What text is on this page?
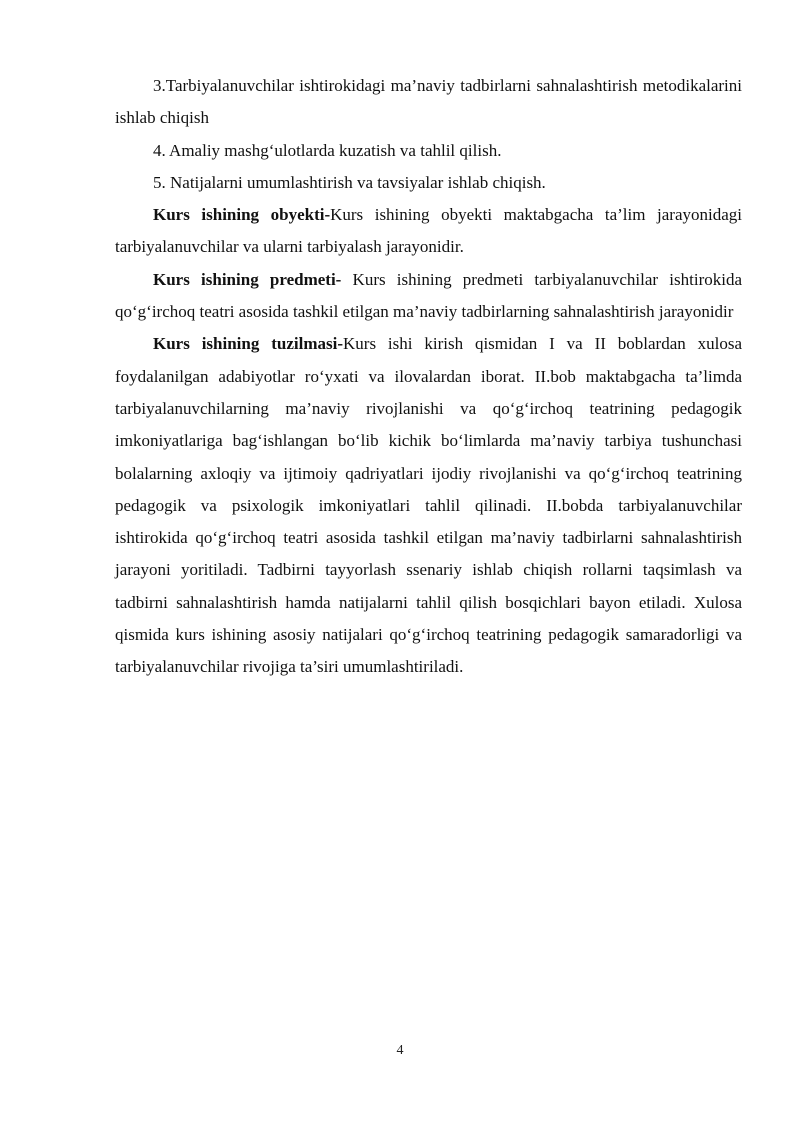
3.Tarbiyalanuvchilar ishtirokidagi ma’naviy tadbirlarni sahnalashtirish metodikalarini ishlab chiqish

4. Amaliy mashg‘ulotlarda kuzatish va tahlil qilish.

5. Natijalarni umumlashtirish va tavsiyalar ishlab chiqish.

Kurs ishining obyekti-Kurs ishining obyekti maktabgacha ta’lim jarayonidagi tarbiyalanuvchilar va ularni tarbiyalash jarayonidir.

Kurs ishining predmeti- Kurs ishining predmeti tarbiyalanuvchilar ishtirokida qo‘g‘irchoq teatri asosida tashkil etilgan ma’naviy tadbirlarning sahnalashtirish jarayonidir

Kurs ishining tuzilmasi-Kurs ishi kirish qismidan I va II boblardan xulosa foydalanilgan adabiyotlar ro‘yxati va ilovalardan iborat. II.bob maktabgacha ta’limda tarbiyalanuvchilarning ma’naviy rivojlanishi va qo‘g‘irchoq teatrining pedagogik imkoniyatlariga bag‘ishlangan bo‘lib kichik bo‘limlarda ma’naviy tarbiya tushunchasi bolalarning axloqiy va ijtimoiy qadriyatlari ijodiy rivojlanishi va qo‘g‘irchoq teatrining pedagogik va psixologik imkoniyatlari tahlil qilinadi. II.bobda tarbiyalanuvchilar ishtirokida qo‘g‘irchoq teatri asosida tashkil etilgan ma’naviy tadbirlarni sahnalashtirish jarayoni yoritiladi. Tadbirni tayyorlash ssenariy ishlab chiqish rollarni taqsimlash va tadbirni sahnalashtirish hamda natijalarni tahlil qilish bosqichlari bayon etiladi. Xulosa qismida kurs ishining asosiy natijalari qo‘g‘irchoq teatrining pedagogik samaradorligi va tarbiyalanuvchilar rivojiga ta’siri umumlashtiriladi.

4
